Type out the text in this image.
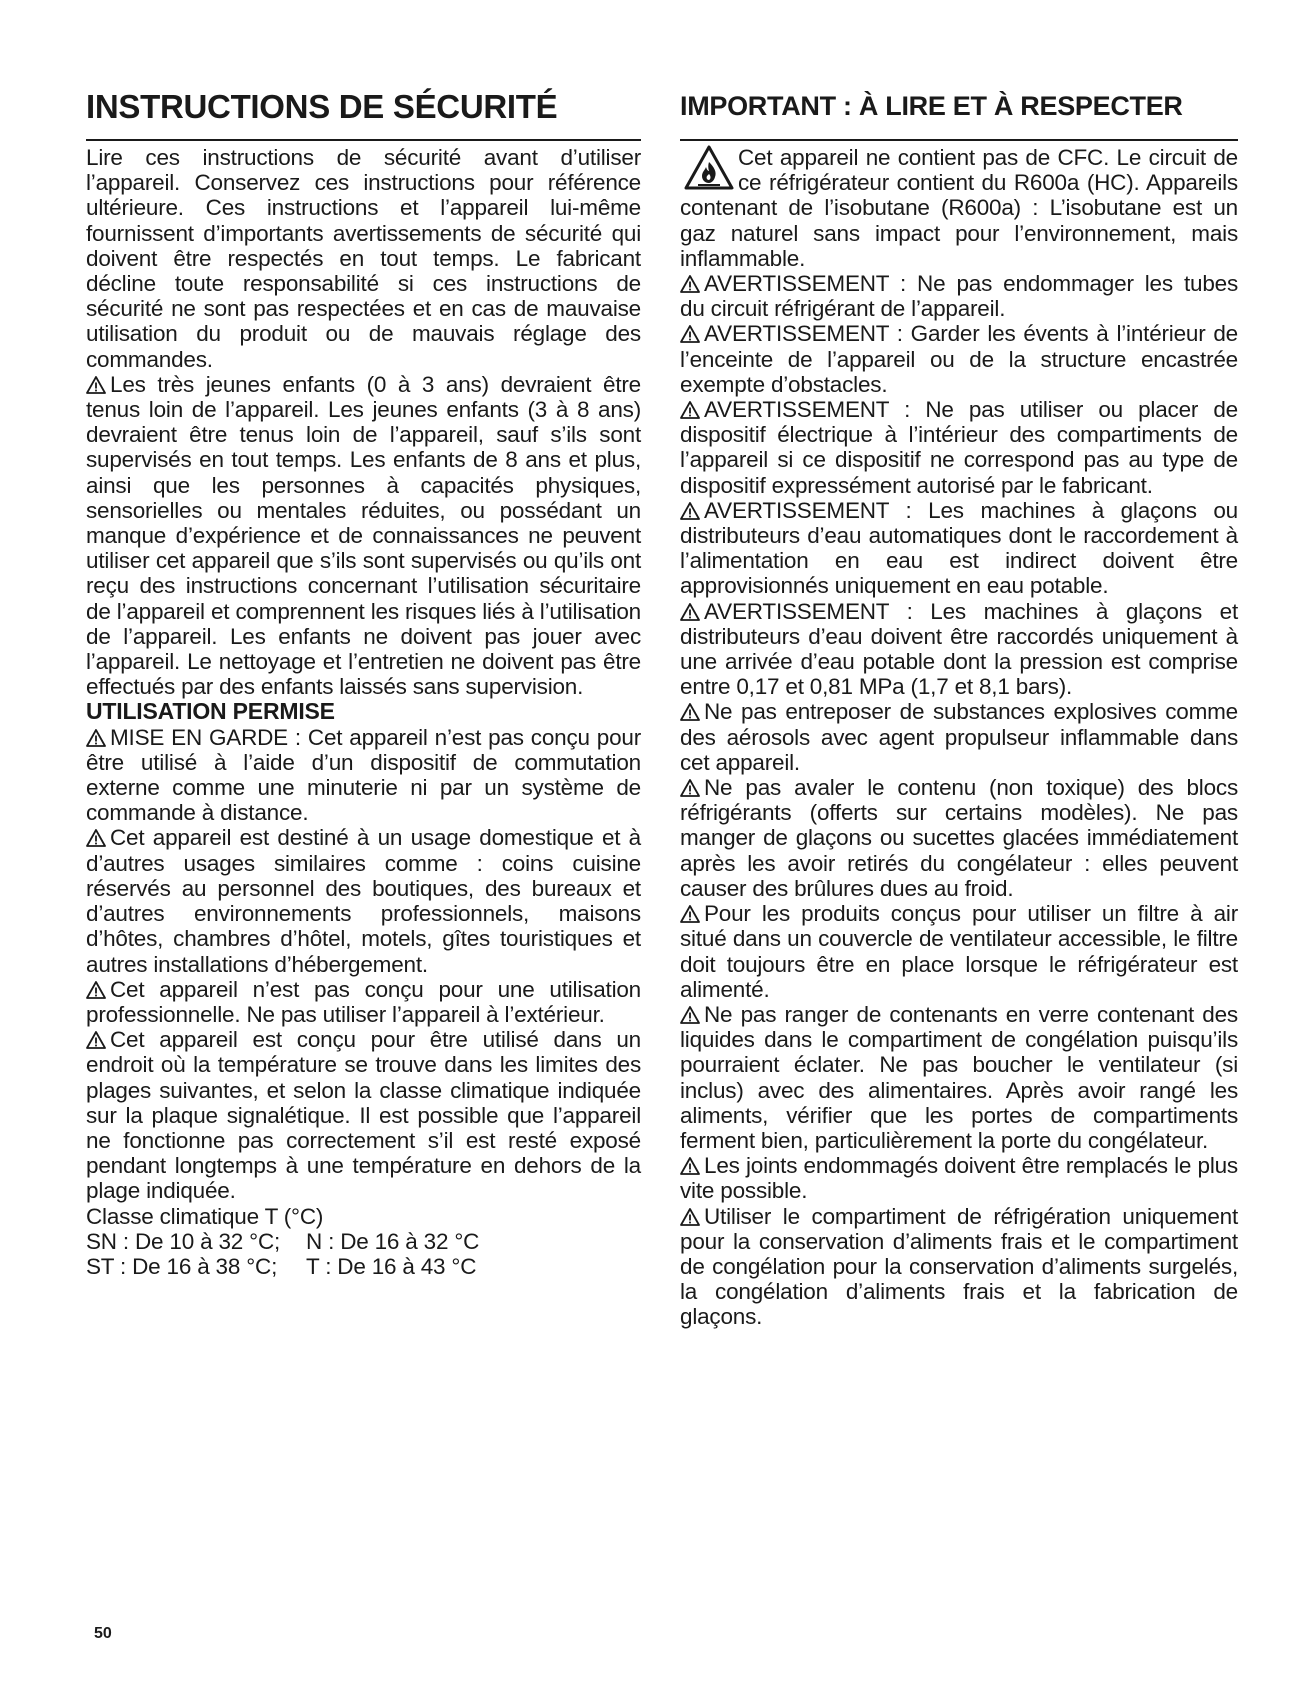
INSTRUCTIONS DE SÉCURITÉ

Lire ces instructions de sécurité avant d’utiliser l’appareil. Conservez ces instructions pour référence ultérieure. Ces instructions et l’appareil lui-même fournissent d’importants avertissements de sécurité qui doivent être respectés en tout temps. Le fabricant décline toute responsabilité si ces instructions de sécurité ne sont pas respectées et en cas de mauvaise utilisation du produit ou de mauvais réglage des commandes.

Les très jeunes enfants (0 à 3 ans) devraient être tenus loin de l’appareil. Les jeunes enfants (3 à 8 ans) devraient être tenus loin de l’appareil, sauf s’ils sont supervisés en tout temps. Les enfants de 8 ans et plus, ainsi que les personnes à capacités physiques, sensorielles ou mentales réduites, ou possédant un manque d’expérience et de connaissances ne peuvent utiliser cet appareil que s’ils sont supervisés ou qu’ils ont reçu des instructions concernant l’utilisation sécuritaire de l’appareil et comprennent les risques liés à l’utilisation de l’appareil. Les enfants ne doivent pas jouer avec l’appareil. Le nettoyage et l’entretien ne doivent pas être effectués par des enfants laissés sans supervision.

UTILISATION PERMISE

MISE EN GARDE : Cet appareil n’est pas conçu pour être utilisé à l’aide d’un dispositif de commutation externe comme une minuterie ni par un système de commande à distance.

Cet appareil est destiné à un usage domestique et à d’autres usages similaires comme : coins cuisine réservés au personnel des boutiques, des bureaux et d’autres environnements professionnels, maisons d’hôtes, chambres d’hôtel, motels, gîtes touristiques et autres installations d’hébergement.

Cet appareil n’est pas conçu pour une utilisation professionnelle. Ne pas utiliser l’appareil à l’extérieur.

Cet appareil est conçu pour être utilisé dans un endroit où la température se trouve dans les limites des plages suivantes, et selon la classe climatique indiquée sur la plaque signalétique. Il est possible que l’appareil ne fonctionne pas correctement s’il est resté exposé pendant longtemps à une température en dehors de la plage indiquée.

Classe climatique T (°C)

SN : De 10 à 32 °C; N : De 16 à 32 °C

ST : De 16 à 38 °C; T : De 16 à 43 °C

IMPORTANT : À LIRE ET À RESPECTER

Cet appareil ne contient pas de CFC. Le circuit de ce réfrigérateur contient du R600a (HC). Appareils contenant de l’isobutane (R600a) : L’isobutane est un gaz naturel sans impact pour l’environnement, mais inflammable.

AVERTISSEMENT : Ne pas endommager les tubes du circuit réfrigérant de l’appareil.

AVERTISSEMENT : Garder les évents à l’intérieur de l’enceinte de l’appareil ou de la structure encastrée exempte d’obstacles.

AVERTISSEMENT : Ne pas utiliser ou placer de dispositif électrique à l’intérieur des compartiments de l’appareil si ce dispositif ne correspond pas au type de dispositif expressément autorisé par le fabricant.

AVERTISSEMENT : Les machines à glaçons ou distributeurs d’eau automatiques dont le raccordement à l’alimentation en eau est indirect doivent être approvisionnés uniquement en eau potable.

AVERTISSEMENT : Les machines à glaçons et distributeurs d’eau doivent être raccordés uniquement à une arrivée d’eau potable dont la pression est comprise entre 0,17 et 0,81 MPa (1,7 et 8,1 bars).

Ne pas entreposer de substances explosives comme des aérosols avec agent propulseur inflammable dans cet appareil.

Ne pas avaler le contenu (non toxique) des blocs réfrigérants (offerts sur certains modèles). Ne pas manger de glaçons ou sucettes glacées immédiatement après les avoir retirés du congélateur : elles peuvent causer des brûlures dues au froid.

Pour les produits conçus pour utiliser un filtre à air situé dans un couvercle de ventilateur accessible, le filtre doit toujours être en place lorsque le réfrigérateur est alimenté.

Ne pas ranger de contenants en verre contenant des liquides dans le compartiment de congélation puisqu’ils pourraient éclater. Ne pas boucher le ventilateur (si inclus) avec des alimentaires. Après avoir rangé les aliments, vérifier que les portes de compartiments ferment bien, particulièrement la porte du congélateur.

Les joints endommagés doivent être remplacés le plus vite possible.

Utiliser le compartiment de réfrigération uniquement pour la conservation d’aliments frais et le compartiment de congélation pour la conservation d’aliments surgelés, la congélation d’aliments frais et la fabrication de glaçons.

50
